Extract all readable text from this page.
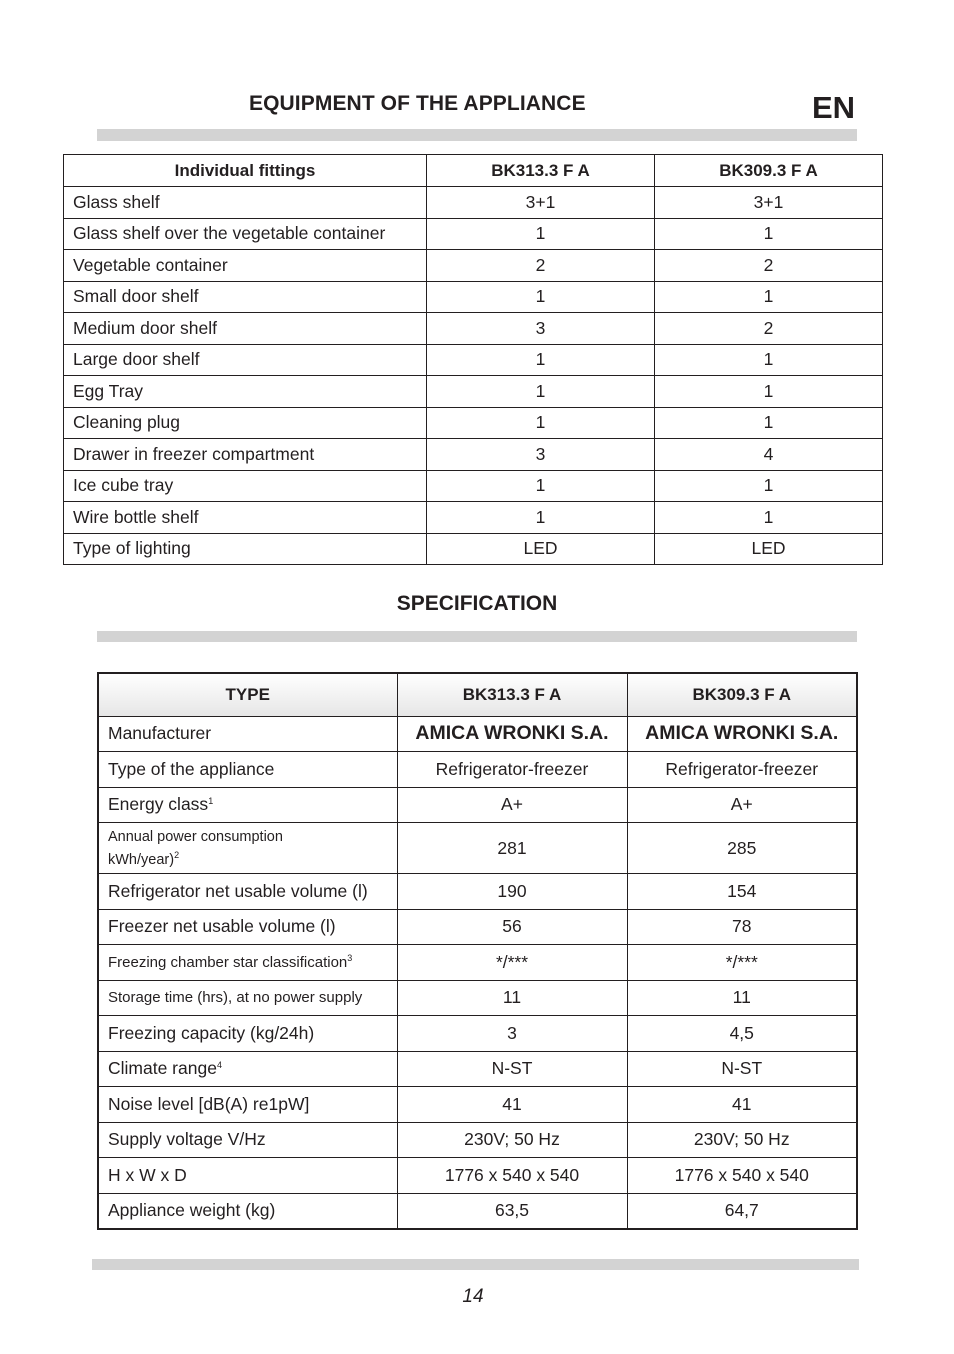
EQUIPMENT OF THE APPLIANCE	EN
Individual fittings	BK313.3 F A	BK309.3 F A
Glass shelf	3+1	3+1
Glass shelf over the vegetable container	1	1
Vegetable container	2	2
Small door shelf	1	1
Medium door shelf	3	2
Large door shelf	1	1
Egg Tray	1	1
Cleaning plug	1	1
Drawer in freezer compartment	3	4
Ice cube tray	1	1
Wire bottle shelf	1	1
Type of lighting	LED	LED
SPECIFICATION
TYPE	BK313.3 F A	BK309.3 F A
Manufacturer	AMICA WRONKI S.A.	AMICA WRONKI S.A.
Type of the appliance	Refrigerator-freezer	Refrigerator-freezer
Energy class$^1$	A+	A+
Annual power consumption
kWh/year)$^2$	281	285
Refrigerator net usable volume (l)	190	154
Freezer net usable volume (l)	56	78
Freezing chamber star classification$^3$	*/***	*/***
Storage time (hrs), at no power supply	11	11
Freezing capacity (kg/24h)	3	4,5
Climate range$^4$	N-ST	N-ST
Noise level [dB(A) re1pW]	41	41
Supply voltage V/Hz	230V; 50 Hz	230V; 50 Hz
H x W x D	1776 x 540 x 540	1776 x 540 x 540
Appliance weight (kg)	63,5	64,7
14
